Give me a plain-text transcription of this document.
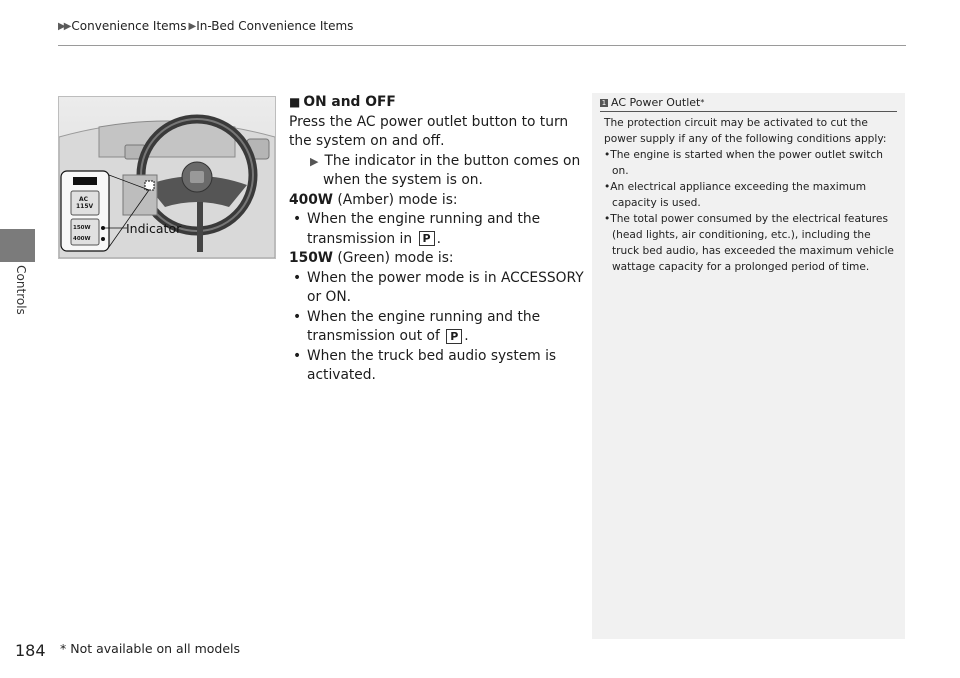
▶▶ Convenience Items ▶ In-Bed Convenience Items
Controls
AC
115V
150W
400W
Indicator

■ ON and OFF

Press the AC power outlet button to turn the system on and off.

▶ The indicator in the button comes on when the system is on.

400W (Amber) mode is:

• When the engine running and the transmission in P .

150W (Green) mode is:

• When the power mode is in ACCESSORY or ON.

• When the engine running and the transmission out of P .

• When the truck bed audio system is activated.

1 AC Power Outlet *

The protection circuit may be activated to cut the power supply if any of the following conditions apply:

•The engine is started when the power outlet switch on.

•An electrical appliance exceeding the maximum capacity is used.

•The total power consumed by the electrical features (head lights, air conditioning, etc.), including the truck bed audio, has exceeded the maximum vehicle wattage capacity for a prolonged period of time.

184 * Not available on all models
